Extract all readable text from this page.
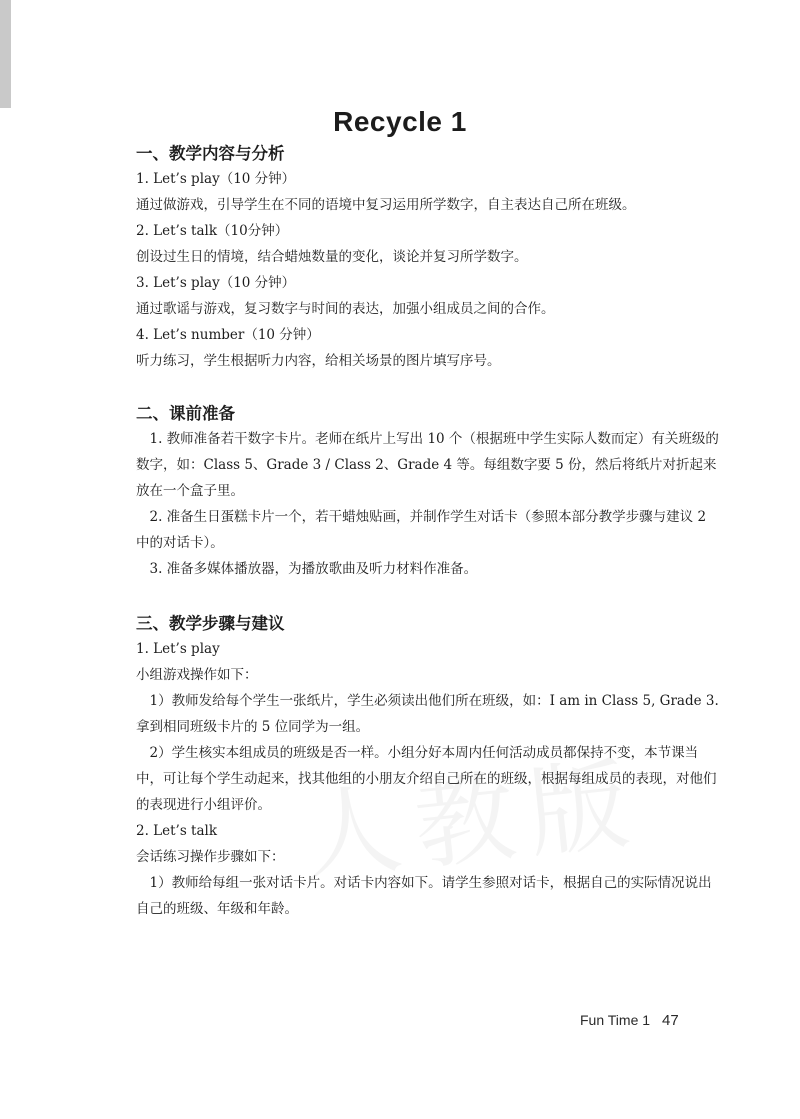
Recycle 1
一、教学内容与分析
1. Let’s play（10 分钟）
通过做游戏，引导学生在不同的语境中复习运用所学数字，自主表达自己所在班级。
2. Let’s talk（10分钟）
创设过生日的情境，结合蜡烛数量的变化，谈论并复习所学数字。
3. Let’s play（10 分钟）
通过歌谣与游戏，复习数字与时间的表达，加强小组成员之间的合作。
4. Let’s number（10 分钟）
听力练习，学生根据听力内容，给相关场景的图片填写序号。
二、课前准备
1. 教师准备若干数字卡片。老师在纸片上写出 10 个（根据班中学生实际人数而定）有关班级的数字，如：Class 5、Grade 3 / Class 2、Grade 4 等。每组数字要 5 份，然后将纸片对折起来放在一个盒子里。
2. 准备生日蛋糕卡片一个，若干蜡烛贴画，并制作学生对话卡（参照本部分教学步骤与建议 2 中的对话卡）。
3. 准备多媒体播放器，为播放歌曲及听力材料作准备。
三、教学步骤与建议
1. Let’s play
小组游戏操作如下：
1）教师发给每个学生一张纸片，学生必须读出他们所在班级，如：I am in Class 5, Grade 3. 拿到相同班级卡片的 5 位同学为一组。
2）学生核实本组成员的班级是否一样。小组分好本周内任何活动成员都保持不变，本节课当中，可让每个学生动起来，找其他组的小朋友介绍自己所在的班级，根据每组成员的表现，对他们的表现进行小组评价。
2. Let’s talk
会话练习操作步骤如下：
1）教师给每组一张对话卡片。对话卡内容如下。请学生参照对话卡，根据自己的实际情况说出自己的班级、年级和年龄。
Fun Time 1 47
